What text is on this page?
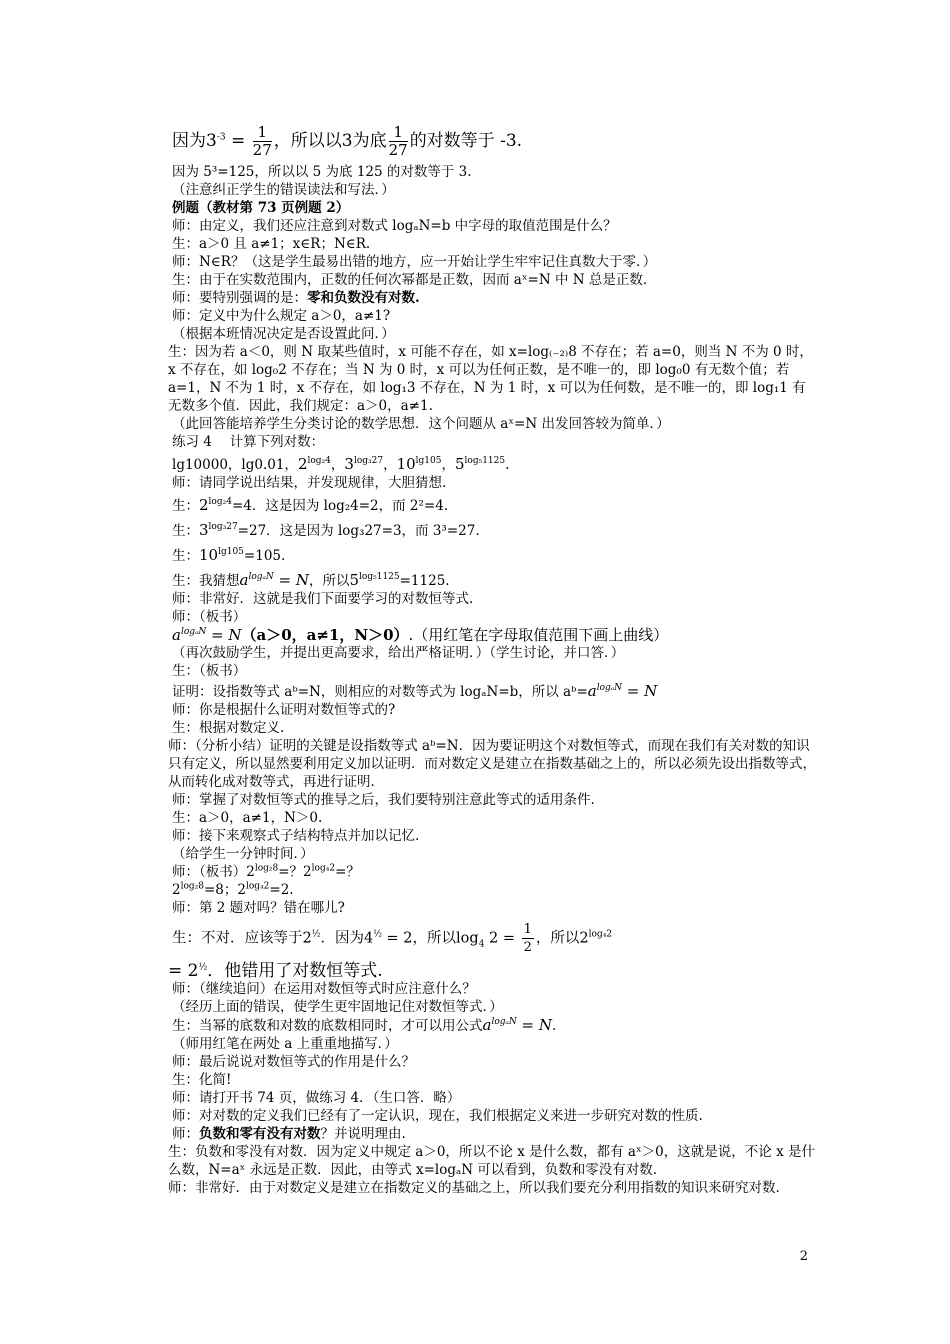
因为$3^{-3} = \frac{1}{27}$ ，所以以3为底 $\frac{1}{27}$ 的对数等于 -3.

因为 5³=125，所以以 5 为底 125 的对数等于 3.

（注意纠正学生的错误读法和写法．）

例题（教材第 73 页例题 2）

师：由定义，我们还应注意到对数式 logₐN=b 中字母的取值范围是什么？

生：a＞0 且 a≠1；x∈R；N∈R.

师：N∈R？（这是学生最易出错的地方，应一开始让学生牢牢记住真数大于零．）

生：由于在实数范围内，正数的任何次幂都是正数，因而 aˣ=N 中 N 总是正数.

师：要特别强调的是：零和负数没有对数.

师：定义中为什么规定 a＞0，a≠1?

（根据本班情况决定是否设置此问．）

生：因为若 a＜0，则 N 取某些值时，x 可能不存在，如 x=log₍₋₂₎8 不存在；若 a=0，则当 N 不为 0 时，x 不存在，如 log₀2 不存在；当 N 为 0 时，x 可以为任何正数，是不唯一的，即 log₀0 有无数个值；若 a=1，N 不为 1 时，x 不存在，如 log₁3 不存在，N 为 1 时，x 可以为任何数，是不唯一的，即 log₁1 有无数多个值．因此，我们规定：a＞0，a≠1.

（此回答能培养学生分类讨论的数学思想．这个问题从 aˣ=N 出发回答较为简单．）

练习 4　 计算下列对数：

lg10000，lg0.01，$2^{log_24}$，$3^{log_327}$，$10^{lg105}$，$5^{log_51125}$.

师：请同学说出结果，并发现规律，大胆猜想.

生：$2^{log_24}=4$．这是因为 log₂4=2，而 2²=4.

生：$3^{log_327}=27$．这是因为 log₃27=3，而 3³=27.

生：$10^{lg105}=105$.

生：我猜想$a^{log_aN} = N$，所以$5^{log_51125}=1125$.

师：非常好．这就是我们下面要学习的对数恒等式.

师：（板书）

$a^{log_aN} = N(a>0$，a≠1，N＞0）.（用红笔在字母取值范围下画上曲线）

（再次鼓励学生，并提出更高要求，给出严格证明．）（学生讨论，并口答．）

生：（板书）

证明：设指数等式 aᵇ=N，则相应的对数等式为 logₐN=b，所以 $aᵇ=a^{log_aN} = N$

师：你是根据什么证明对数恒等式的?

生：根据对数定义.

师：（分析小结）证明的关键是设指数等式 aᵇ=N．因为要证明这个对数恒等式，而现在我们有关对数的知识只有定义，所以显然要利用定义加以证明．而对数定义是建立在指数基础之上的，所以必须先设出指数等式，从而转化成对数等式，再进行证明.

师：掌握了对数恒等式的推导之后，我们要特别注意此等式的适用条件.

生：a＞0，a≠1，N＞0.

师：接下来观察式子结构特点并加以记忆.

（给学生一分钟时间．）

师：（板书）$2^{log_28}=$？$2^{log_42}=$？

$2^{log_28}=8$；$2^{log_42}=2$.

师：第 2 题对吗？错在哪儿?

生：不对．应该等于$2^{\frac{1}{2}}$．因为$4^{\frac{1}{2}} = 2$，所以$\log_4 2 = \frac{1}{2}$ ，所以$2^{log_42}$

= $2^{\frac{1}{2}}$．他错用了对数恒等式.

师：（继续追问）在运用对数恒等式时应注意什么？

（经历上面的错误，使学生更牢固地记住对数恒等式．）

生：当幂的底数和对数的底数相同时，才可以用公式$a^{log_aN} = N$.

（师用红笔在两处 a 上重重地描写．）

师：最后说说对数恒等式的作用是什么？

生：化简!

师：请打开书 74 页，做练习 4．（生口答．略）

师：对对数的定义我们已经有了一定认识，现在，我们根据定义来进一步研究对数的性质.

师：负数和零有没有对数？并说明理由.

生：负数和零没有对数．因为定义中规定 a＞0，所以不论 x 是什么数，都有 aˣ＞0，这就是说，不论 x 是什么数，N=aˣ 永远是正数．因此，由等式 x=logₐN 可以看到，负数和零没有对数.

师：非常好．由于对数定义是建立在指数定义的基础之上，所以我们要充分利用指数的知识来研究对数.

2
